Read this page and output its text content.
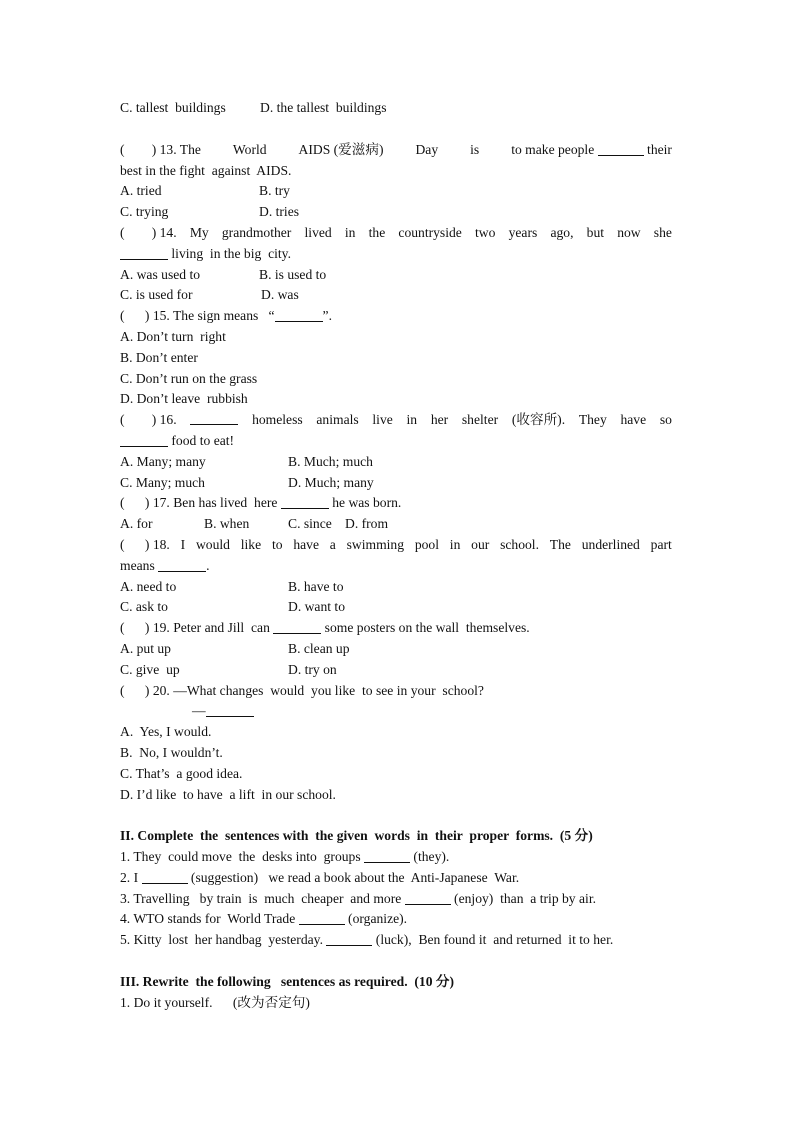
C. tallest  buildings	D. the tallest  buildings
(        ) 13. The World AIDS (爱滋病) Day is to make people	their
best in the fight  against  AIDS.
A. tried	B. try
C. trying	D. tries
(        ) 14. My grandmother lived in the countryside two years ago, but now she
living  in the big  city.
A. was used to	B. is used to
C. is used for	D. was
(      ) 15. The sign means   “	”.
A. Don’t turn  right
B. Don’t enter
C. Don’t run on the grass
D. Don’t leave  rubbish
(        ) 16.	homeless animals live in her shelter (收容所). They have so
food to eat!
A. Many; many	B. Much; much
C. Many; much	D. Much; many
(      ) 17. Ben has lived  here	he was born.
A. for	B. when	C. since D. from
(      ) 18. I would like to have a swimming pool in our school. The underlined part
means	.
A. need to	B. have to
C. ask to	D. want to
(      ) 19. Peter and Jill  can	some posters on the wall  themselves.
A. put up	B. clean up
C. give  up	D. try on
(      ) 20. —What changes  would  you like  to see in your  school?
—
A.  Yes, I would.
B.  No, I wouldn’t.
C. That’s  a good idea.
D. I’d like  to have  a lift  in our school.
II. Complete  the  sentences with  the given  words  in  their  proper  forms.  (5 分)
1. They  could move  the  desks into  groups	(they).
2. I	(suggestion)   we read a book about the  Anti-Japanese  War.
3. Travelling   by train  is  much  cheaper  and more	(enjoy)  than  a trip by air.
4. WTO stands for  World Trade	(organize).
5. Kitty  lost  her handbag  yesterday.	(luck),  Ben found it  and returned  it to her.
III. Rewrite  the following   sentences as required.  (10 分)
1. Do it yourself.      (改为否定句)
